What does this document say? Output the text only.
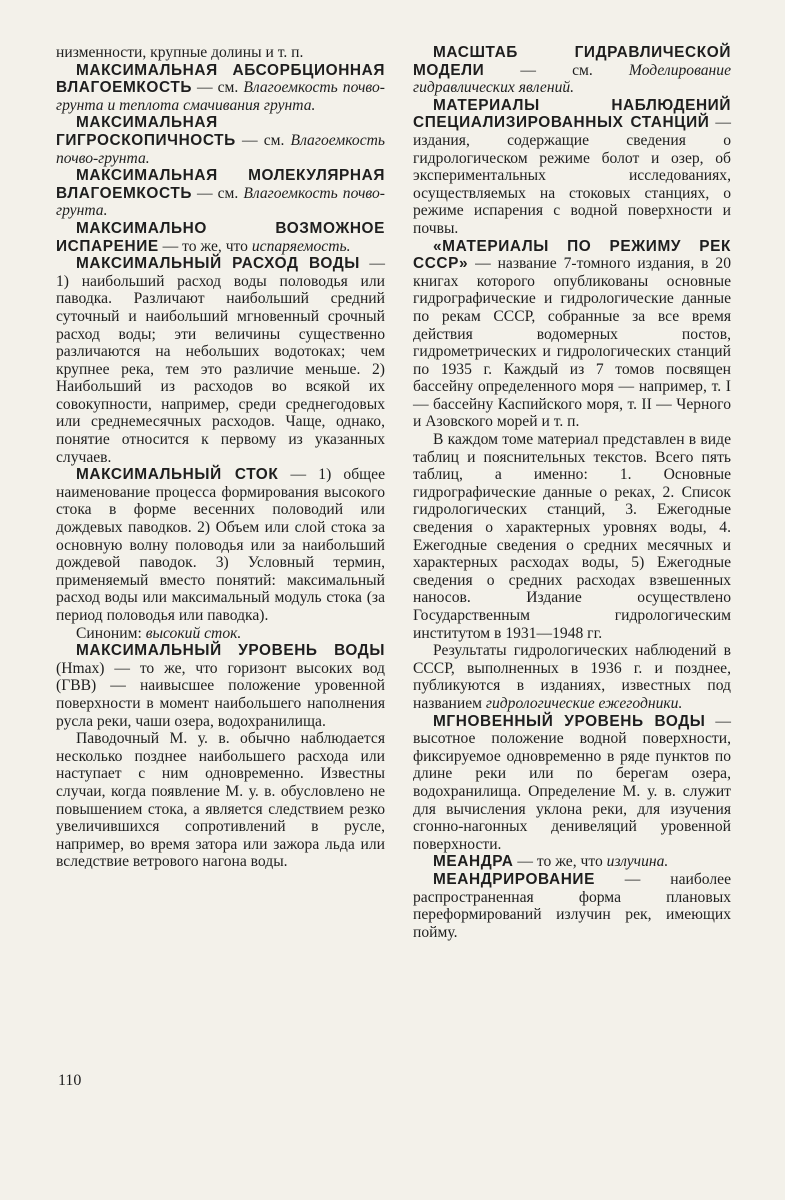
низменности, крупные долины и т. п.

МАКСИМАЛЬНАЯ АБСОРБЦИОННАЯ ВЛАГОЕМКОСТЬ — см. Влагоемкость почво-грунта и теплота смачивания грунта.

МАКСИМАЛЬНАЯ ГИГРОСКОПИЧНОСТЬ — см. Влагоемкость почво-грунта.

МАКСИМАЛЬНАЯ МОЛЕКУЛЯРНАЯ ВЛАГОЕМКОСТЬ — см. Влагоемкость почво-грунта.

МАКСИМАЛЬНО ВОЗМОЖНОЕ ИСПАРЕНИЕ — то же, что испаряемость.

МАКСИМАЛЬНЫЙ РАСХОД ВОДЫ — 1) наибольший расход воды половодья или паводка. Различают наибольший средний суточный и наибольший мгновенный срочный расход воды; эти величины существенно различаются на небольших водотоках; чем крупнее река, тем это различие меньше. 2) Наибольший из расходов во всякой их совокупности, например, среди среднегодовых или среднемесячных расходов. Чаще, однако, понятие относится к первому из указанных случаев.

МАКСИМАЛЬНЫЙ СТОК — 1) общее наименование процесса формирования высокого стока в форме весенних половодий или дождевых паводков. 2) Объем или слой стока за основную волну половодья или за наибольший дождевой паводок. 3) Условный термин, применяемый вместо понятий: максимальный расход воды или максимальный модуль стока (за период половодья или паводка).

Синоним: высокий сток.

МАКСИМАЛЬНЫЙ УРОВЕНЬ ВОДЫ (Hmax) — то же, что горизонт высоких вод (ГВВ) — наивысшее положение уровенной поверхности в момент наибольшего наполнения русла реки, чаши озера, водохранилища.

Паводочный М. у. в. обычно наблюдается несколько позднее наибольшего расхода или наступает с ним одновременно. Известны случаи, когда появление М. у. в. обусловлено не повышением стока, а является следствием резко увеличившихся сопротивлений в русле, например, во время затора или зажора льда или вследствие ветрового нагона воды.

МАСШТАБ ГИДРАВЛИЧЕСКОЙ МОДЕЛИ — см. Моделирование гидравлических явлений.

МАТЕРИАЛЫ НАБЛЮДЕНИЙ СПЕЦИАЛИЗИРОВАННЫХ СТАНЦИЙ — издания, содержащие сведения о гидрологическом режиме болот и озер, об экспериментальных исследованиях, осуществляемых на стоковых станциях, о режиме испарения с водной поверхности и почвы.

«МАТЕРИАЛЫ ПО РЕЖИМУ РЕК СССР» — название 7-томного издания, в 20 книгах которого опубликованы основные гидрографические и гидрологические данные по рекам СССР, собранные за все время действия водомерных постов, гидрометрических и гидрологических станций по 1935 г. Каждый из 7 томов посвящен бассейну определенного моря — например, т. I — бассейну Каспийского моря, т. II — Черного и Азовского морей и т. п.

В каждом томе материал представлен в виде таблиц и пояснительных текстов. Всего пять таблиц, а именно: 1. Основные гидрографические данные о реках, 2. Список гидрологических станций, 3. Ежегодные сведения о характерных уровнях воды, 4. Ежегодные сведения о средних месячных и характерных расходах воды, 5) Ежегодные сведения о средних расходах взвешенных наносов. Издание осуществлено Государственным гидрологическим институтом в 1931—1948 гг.

Результаты гидрологических наблюдений в СССР, выполненных в 1936 г. и позднее, публикуются в изданиях, известных под названием гидрологические ежегодники.

МГНОВЕННЫЙ УРОВЕНЬ ВОДЫ — высотное положение водной поверхности, фиксируемое одновременно в ряде пунктов по длине реки или по берегам озера, водохранилища. Определение М. у. в. служит для вычисления уклона реки, для изучения сгонно-нагонных денивеляций уровенной поверхности.

МЕАНДРА — то же, что излучина.

МЕАНДРИРОВАНИЕ — наиболее распространенная форма плановых переформирований излучин рек, имеющих пойму.

110
